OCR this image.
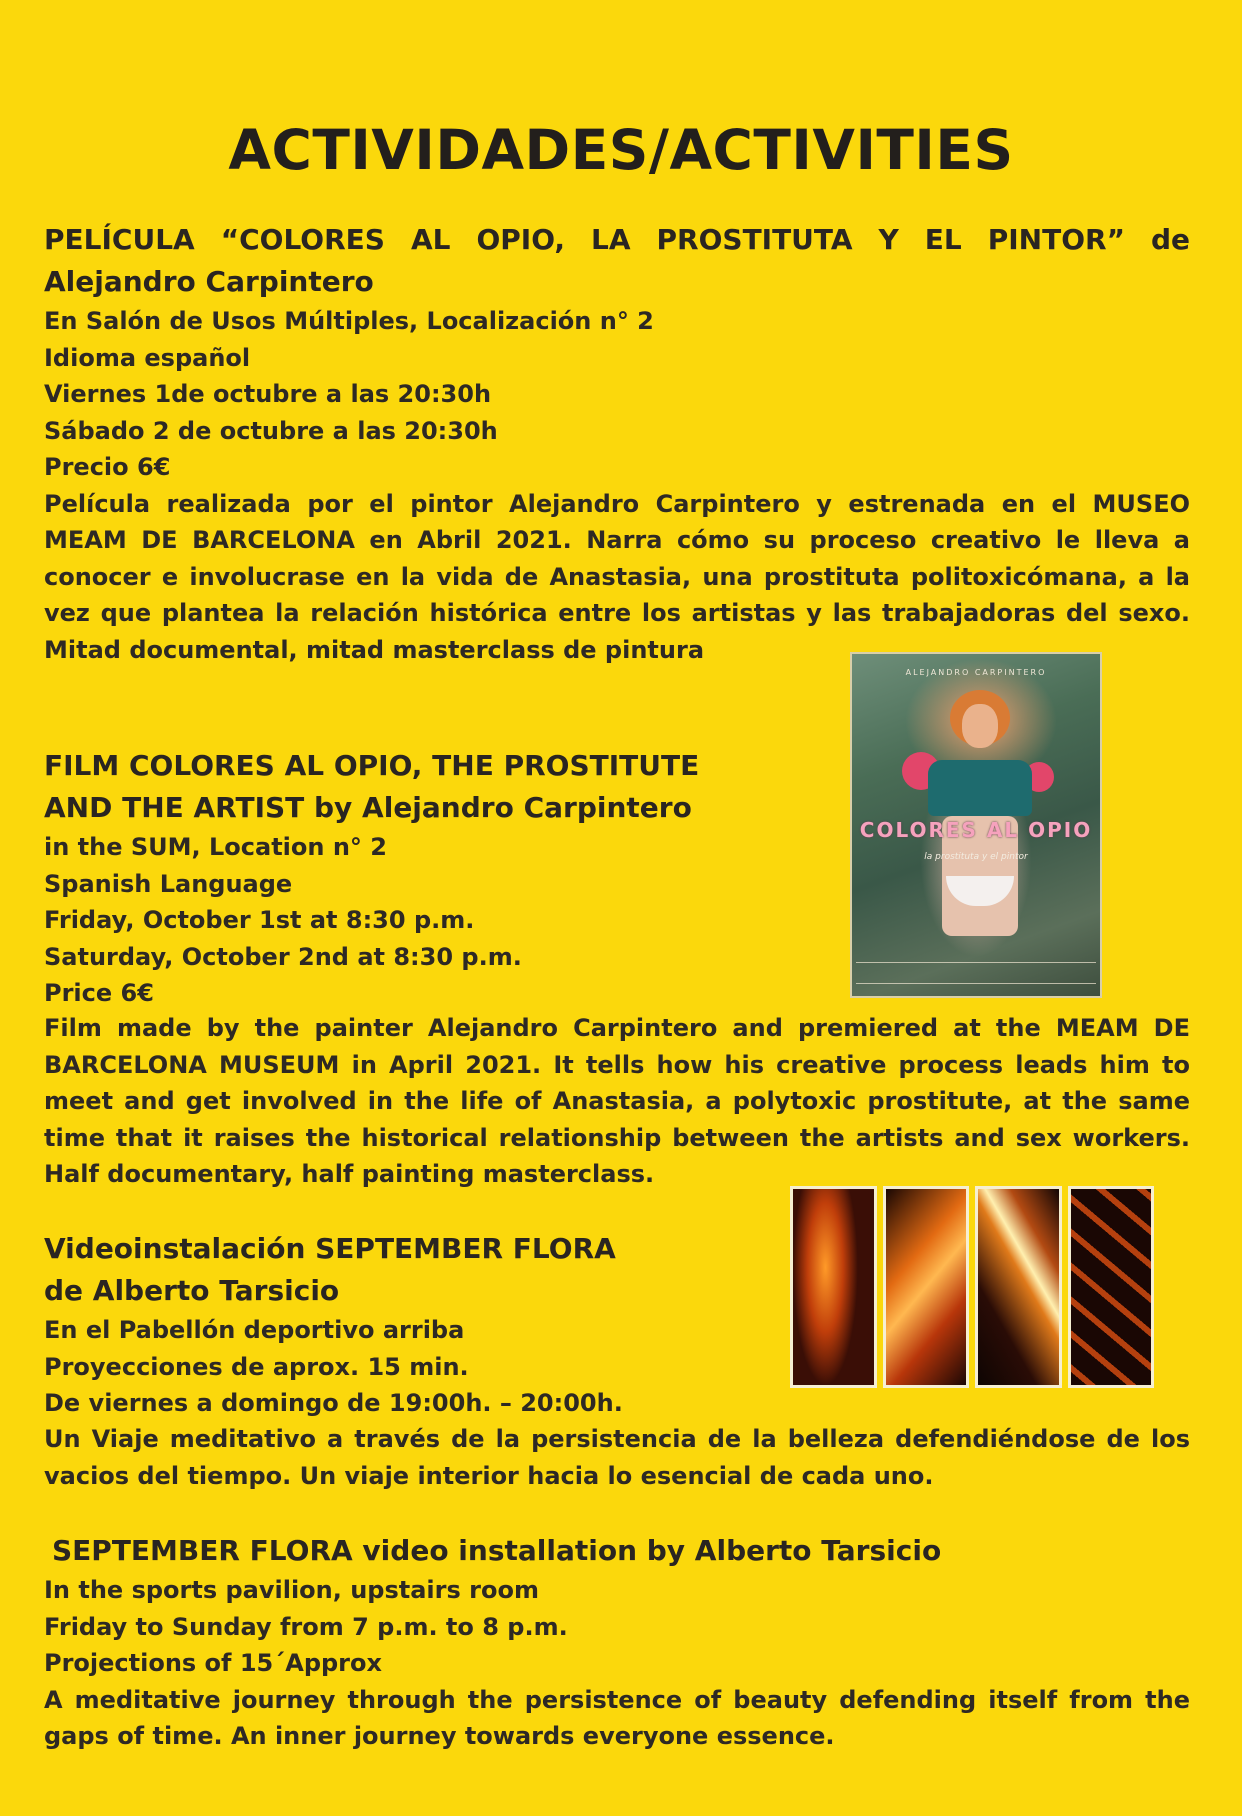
ACTIVIDADES/ACTIVITIES
PELÍCULA “COLORES AL OPIO, LA PROSTITUTA Y EL PINTOR” de
Alejandro Carpintero
En Salón de Usos Múltiples, Localización n° 2
Idioma español
Viernes 1de octubre a las 20:30h
Sábado 2 de octubre a las 20:30h
Precio 6€
Película realizada por el pintor Alejandro Carpintero y estrenada en el MUSEO MEAM DE BARCELONA en Abril 2021. Narra cómo su proceso creativo le lleva a conocer e involucrase en la vida de Anastasia, una prostituta politoxicómana, a la vez que plantea la relación histórica entre los artistas y las trabajadoras del sexo. Mitad documental, mitad masterclass de pintura
ALEJANDRO CARPINTERO
COLORES AL OPIO
la prostituta y el pintor
FILM COLORES AL OPIO, THE PROSTITUTE
AND THE ARTIST by Alejandro Carpintero
in the SUM, Location n° 2
Spanish Language
Friday, October 1st at 8:30 p.m.
Saturday, October 2nd at 8:30 p.m.
Price 6€
Film made by the painter Alejandro Carpintero and premiered at the MEAM DE BARCELONA MUSEUM in April 2021. It tells how his creative process leads him to meet and get involved in the life of Anastasia, a polytoxic prostitute, at the same time that it raises the historical relationship between the artists and sex workers. Half documentary, half painting masterclass.
Videoinstalación SEPTEMBER FLORA
de Alberto Tarsicio
En el Pabellón deportivo arriba
Proyecciones de aprox. 15 min.
De viernes a domingo de 19:00h. – 20:00h.
Un Viaje meditativo a través de la persistencia de la belleza defendiéndose de los vacios del tiempo. Un viaje interior hacia lo esencial de cada uno.
SEPTEMBER FLORA video installation by Alberto Tarsicio
In the sports pavilion, upstairs room
Friday to Sunday from 7 p.m. to 8 p.m.
Projections of 15´Approx
A meditative journey through the persistence of beauty defending itself from the gaps of time. An inner journey towards everyone essence.
